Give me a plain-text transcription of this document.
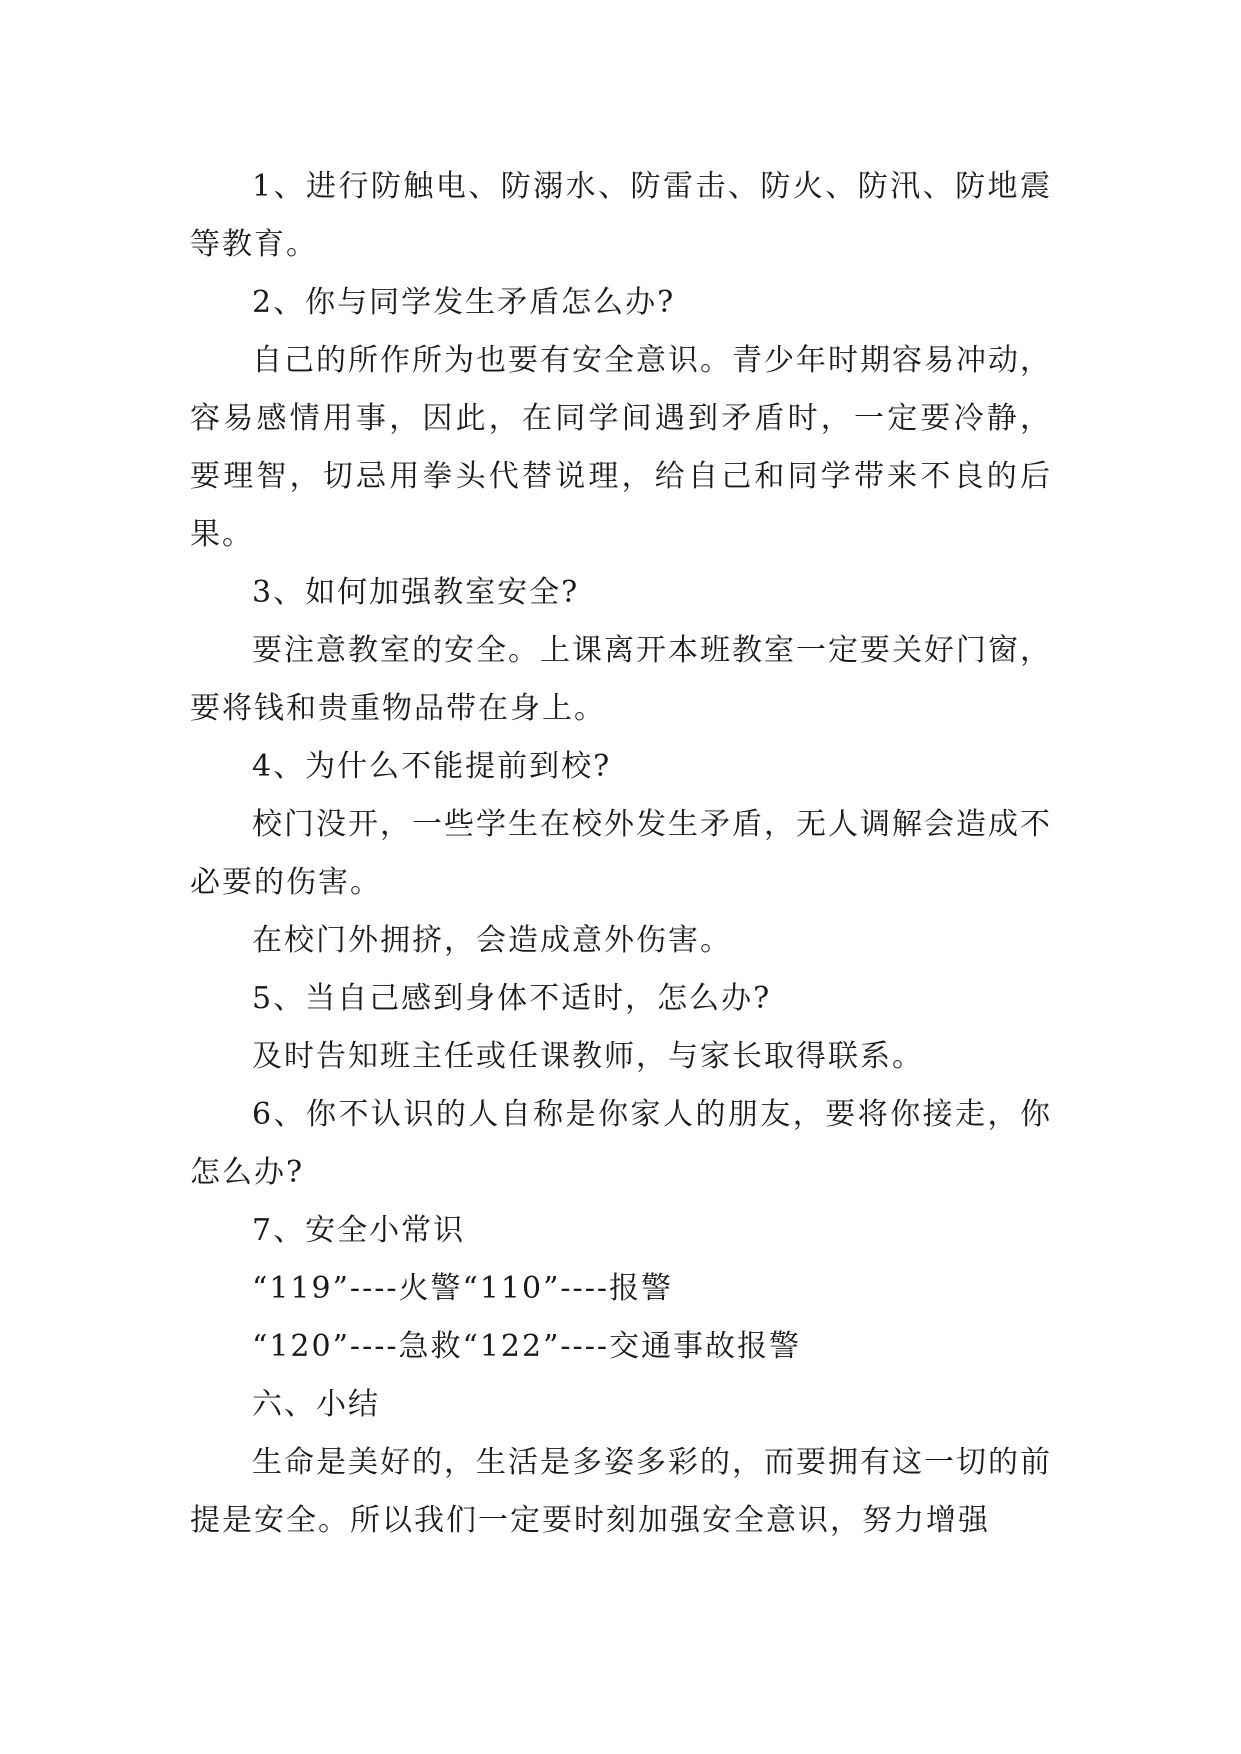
1、进行防触电、防溺水、防雷击、防火、防汛、防地震等教育。

2、你与同学发生矛盾怎么办?

自己的所作所为也要有安全意识。青少年时期容易冲动，容易感情用事，因此，在同学间遇到矛盾时，一定要冷静，要理智，切忌用拳头代替说理，给自己和同学带来不良的后果。

3、如何加强教室安全?

要注意教室的安全。上课离开本班教室一定要关好门窗，要将钱和贵重物品带在身上。

4、为什么不能提前到校?

校门没开，一些学生在校外发生矛盾，无人调解会造成不必要的伤害。

在校门外拥挤，会造成意外伤害。

5、当自己感到身体不适时，怎么办?

及时告知班主任或任课教师，与家长取得联系。

6、你不认识的人自称是你家人的朋友，要将你接走，你怎么办?

7、安全小常识

“119”----火警“110”----报警

“120”----急救“122”----交通事故报警

六、小结

生命是美好的，生活是多姿多彩的，而要拥有这一切的前提是安全。所以我们一定要时刻加强安全意识，努力增强
